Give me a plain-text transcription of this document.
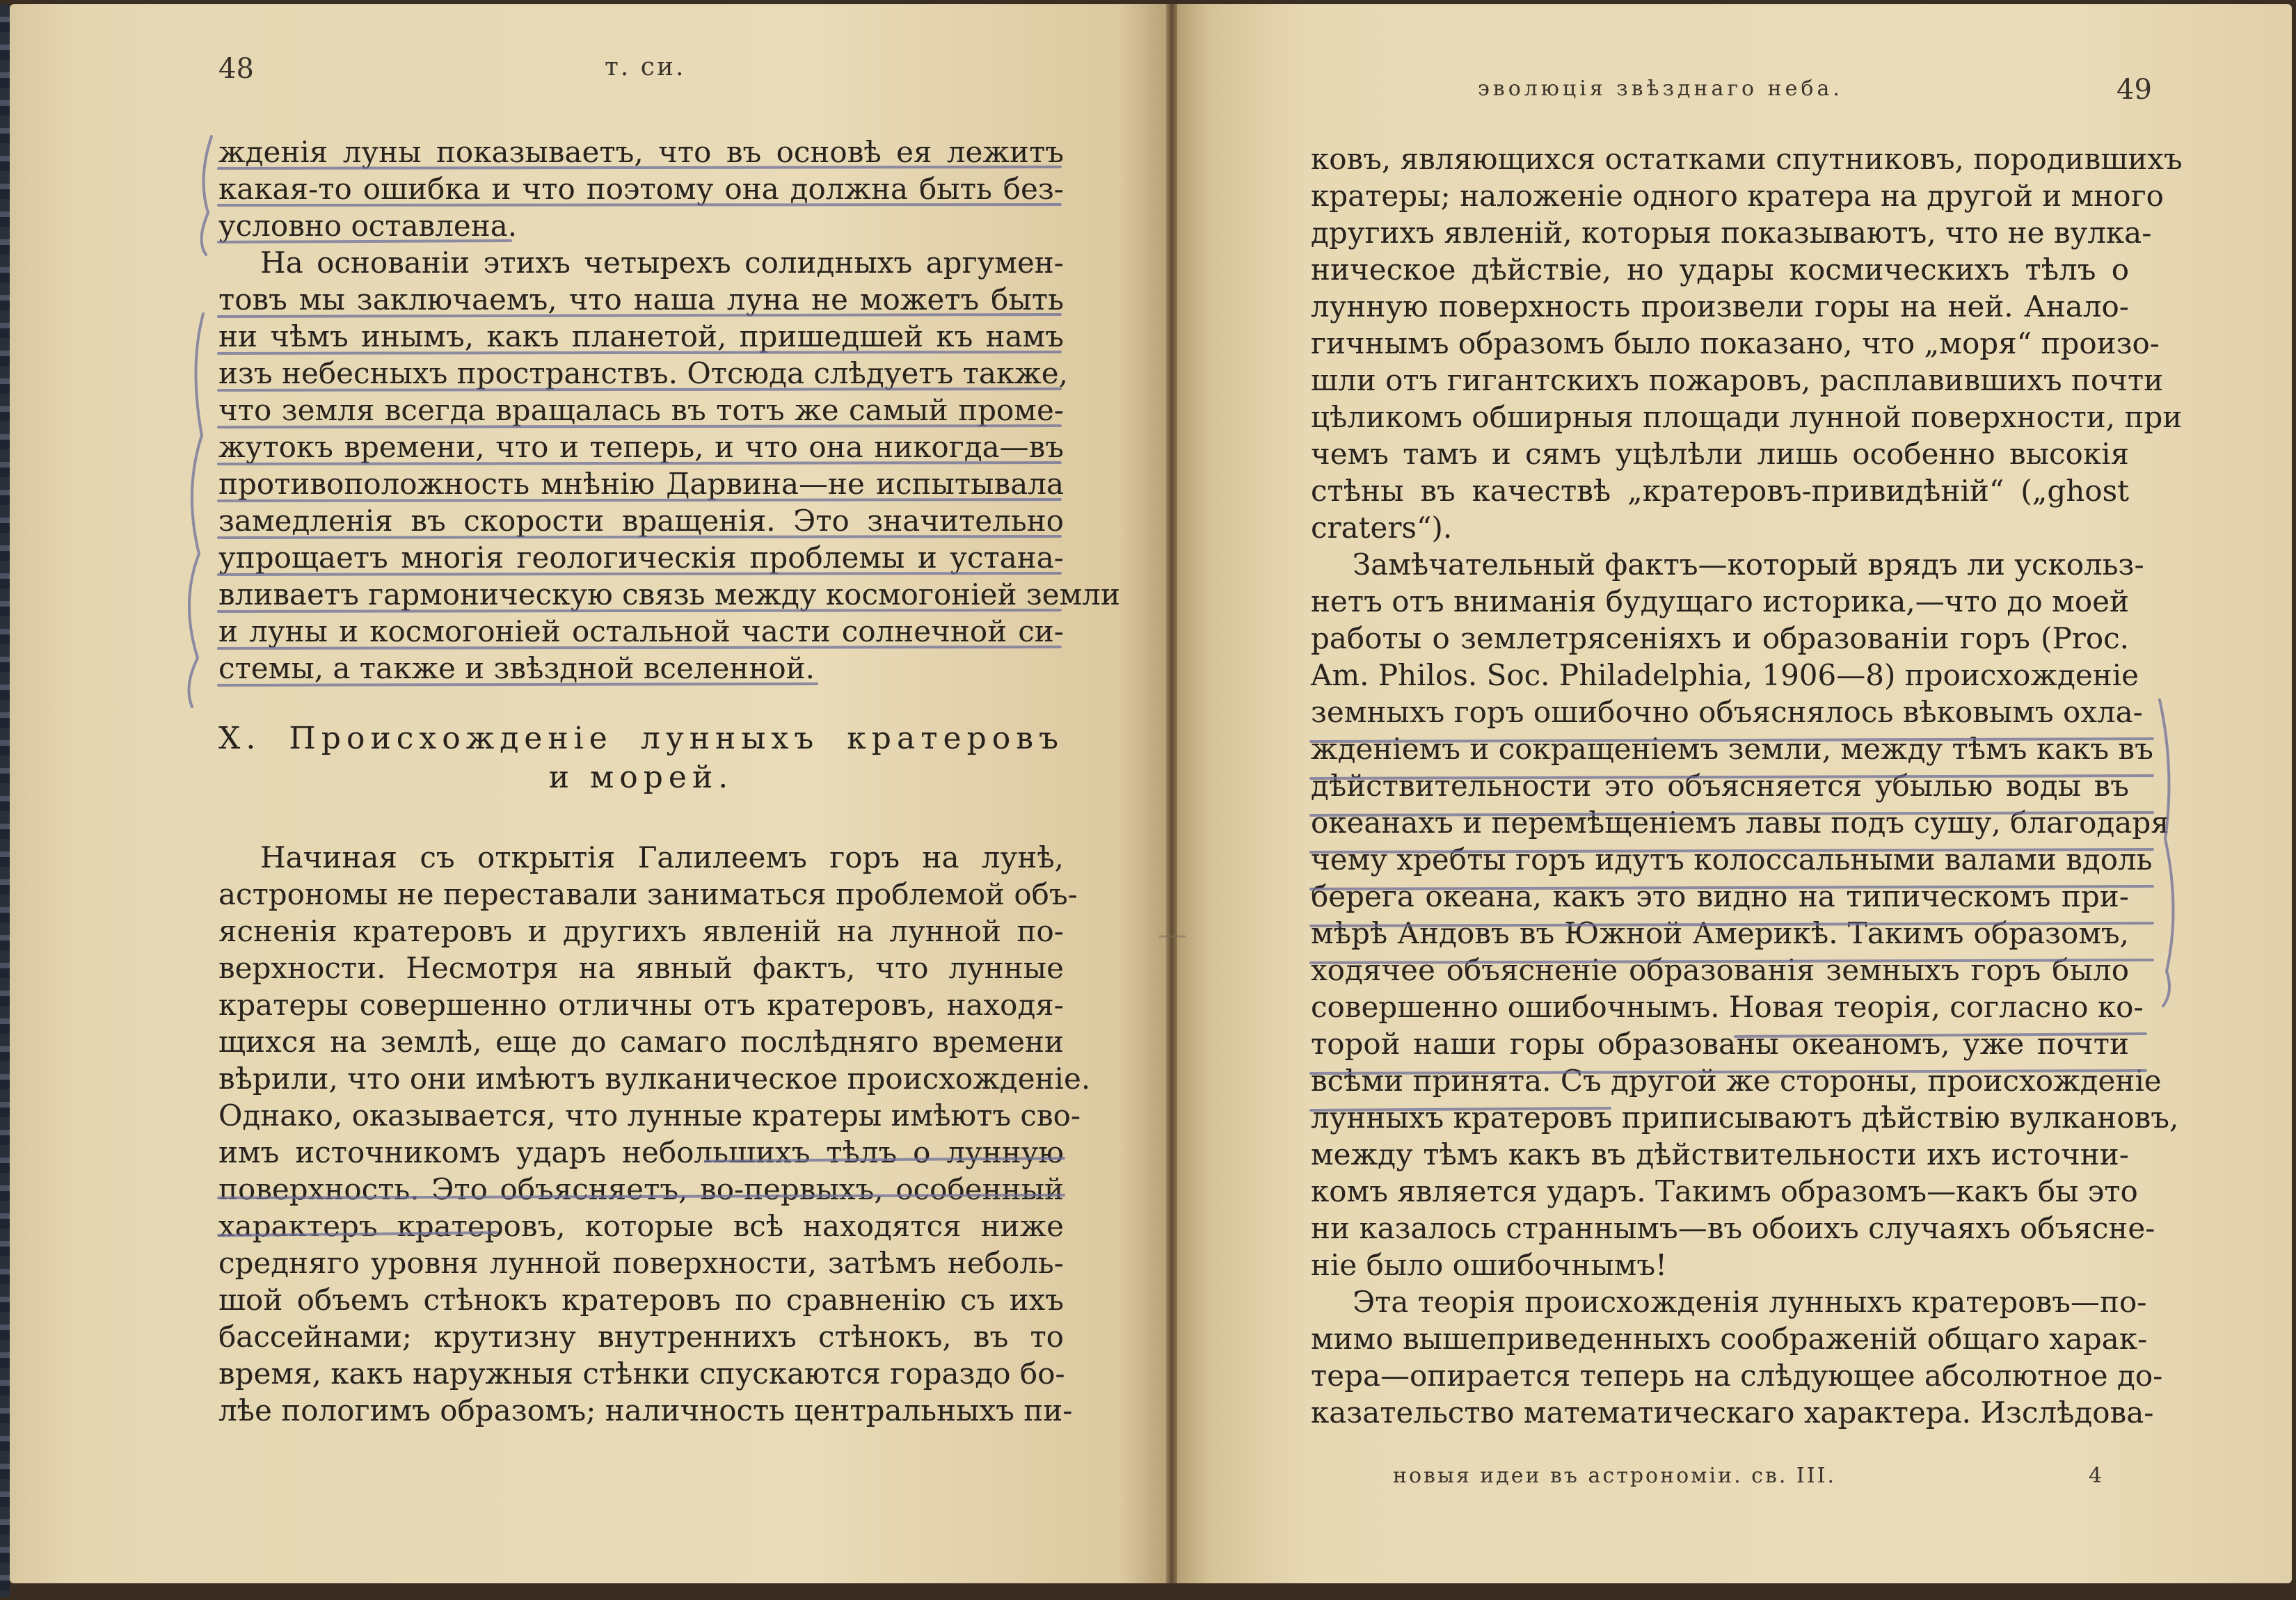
48	т. си.
жденія луны показываетъ, что въ основѣ ея лежитъ
какая-то ошибка и что поэтому она должна быть без-
условно оставлена.
На основаніи этихъ четырехъ солидныхъ аргумен-
товъ мы заключаемъ, что наша луна не можетъ быть
ни чѣмъ инымъ, какъ планетой, пришедшей къ намъ
изъ небесныхъ пространствъ. Отсюда слѣдуетъ также,
что земля всегда вращалась въ тотъ же самый проме-
жутокъ времени, что и теперь, и что она никогда—въ
противоположность мнѣнію Дарвина—не испытывала
замедленія въ скорости вращенія. Это значительно
упрощаетъ многія геологическія проблемы и устана-
вливаетъ гармоническую связь между космогоніей земли
и луны и космогоніей остальной части солнечной си-
стемы, а также и звѣздной вселенной.
X. Происхожденіе лунныхъ кратеровъ
и морей.
Начиная съ открытія Галилеемъ горъ на лунѣ,
астрономы не переставали заниматься проблемой объ-
ясненія кратеровъ и другихъ явленій на лунной по-
верхности. Несмотря на явный фактъ, что лунные
кратеры совершенно отличны отъ кратеровъ, находя-
щихся на землѣ, еще до самаго послѣдняго времени
вѣрили, что они имѣютъ вулканическое происхожденіе.
Однако, оказывается, что лунные кратеры имѣютъ сво-
имъ источникомъ ударъ небольшихъ тѣлъ о лунную
поверхность. Это объясняетъ, во-первыхъ, особенный
характеръ кратеровъ, которые всѣ находятся ниже
средняго уровня лунной поверхности, затѣмъ неболь-
шой объемъ стѣнокъ кратеровъ по сравненію съ ихъ
бассейнами; крутизну внутреннихъ стѣнокъ, въ то
время, какъ наружныя стѣнки спускаются гораздо бо-
лѣе пологимъ образомъ; наличность центральныхъ пи-
эволюція звѣзднаго неба.	49
ковъ, являющихся остатками спутниковъ, породившихъ
кратеры; наложеніе одного кратера на другой и много
другихъ явленій, которыя показываютъ, что не вулка-
ническое дѣйствіе, но удары космическихъ тѣлъ о
лунную поверхность произвели горы на ней. Анало-
гичнымъ образомъ было показано, что „моря“ произо-
шли отъ гигантскихъ пожаровъ, расплавившихъ почти
цѣликомъ обширныя площади лунной поверхности, при
чемъ тамъ и сямъ уцѣлѣли лишь особенно высокія
стѣны въ качествѣ „кратеровъ-привидѣній“ („ghost
craters“).
Замѣчательный фактъ—который врядъ ли ускольз-
нетъ отъ вниманія будущаго историка,—что до моей
работы о землетрясеніяхъ и образованіи горъ (Proc.
Am. Philos. Soc. Philadelphia, 1906—8) происхожденіе
земныхъ горъ ошибочно объяснялось вѣковымъ охла-
жденіемъ и сокращеніемъ земли, между тѣмъ какъ въ
дѣйствительности это объясняется убылью воды въ
океанахъ и перемѣщеніемъ лавы подъ сушу, благодаря
чему хребты горъ идутъ колоссальными валами вдоль
берега океана, какъ это видно на типическомъ при-
мѣрѣ Андовъ въ Южной Америкѣ. Такимъ образомъ,
ходячее объясненіе образованія земныхъ горъ было
совершенно ошибочнымъ. Новая теорія, согласно ко-
торой наши горы образованы океаномъ, уже почти
всѣми принята. Съ другой же стороны, происхожденіе
лунныхъ кратеровъ приписываютъ дѣйствію вулкановъ,
между тѣмъ какъ въ дѣйствительности ихъ источни-
комъ является ударъ. Такимъ образомъ—какъ бы это
ни казалось страннымъ—въ обоихъ случаяхъ объясне-
ніе было ошибочнымъ!
Эта теорія происхожденія лунныхъ кратеровъ—по-
мимо вышеприведенныхъ соображеній общаго харак-
тера—опирается теперь на слѣдующее абсолютное до-
казательство математическаго характера. Изслѣдова-
новыя идеи въ астрономіи. св. III.	4
